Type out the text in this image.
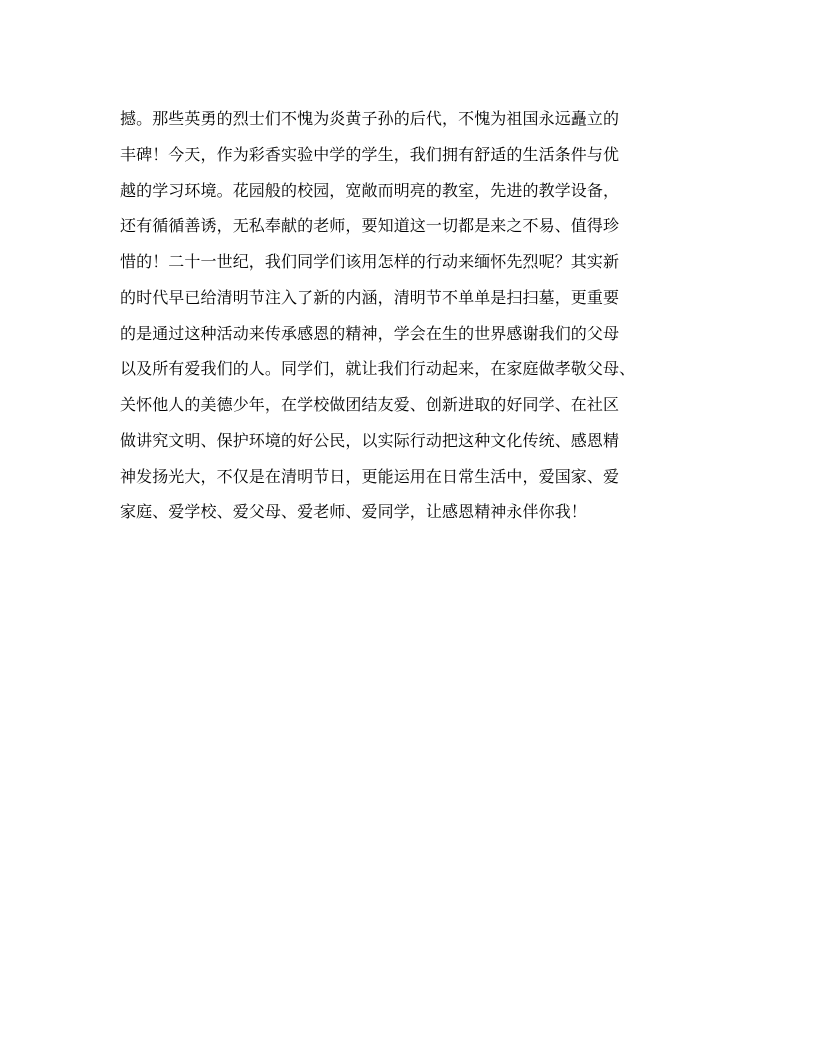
撼。那些英勇的烈士们不愧为炎黄子孙的后代，不愧为祖国永远矗立的
丰碑！今天，作为彩香实验中学的学生，我们拥有舒适的生活条件与优
越的学习环境。花园般的校园，宽敞而明亮的教室，先进的教学设备，
还有循循善诱，无私奉献的老师，要知道这一切都是来之不易、值得珍
惜的！二十一世纪，我们同学们该用怎样的行动来缅怀先烈呢？其实新
的时代早已给清明节注入了新的内涵，清明节不单单是扫扫墓，更重要
的是通过这种活动来传承感恩的精神，学会在生的世界感谢我们的父母
以及所有爱我们的人。同学们，就让我们行动起来，在家庭做孝敬父母、
关怀他人的美德少年，在学校做团结友爱、创新进取的好同学、在社区
做讲究文明、保护环境的好公民，以实际行动把这种文化传统、感恩精
神发扬光大，不仅是在清明节日，更能运用在日常生活中，爱国家、爱
家庭、爱学校、爱父母、爱老师、爱同学，让感恩精神永伴你我！
